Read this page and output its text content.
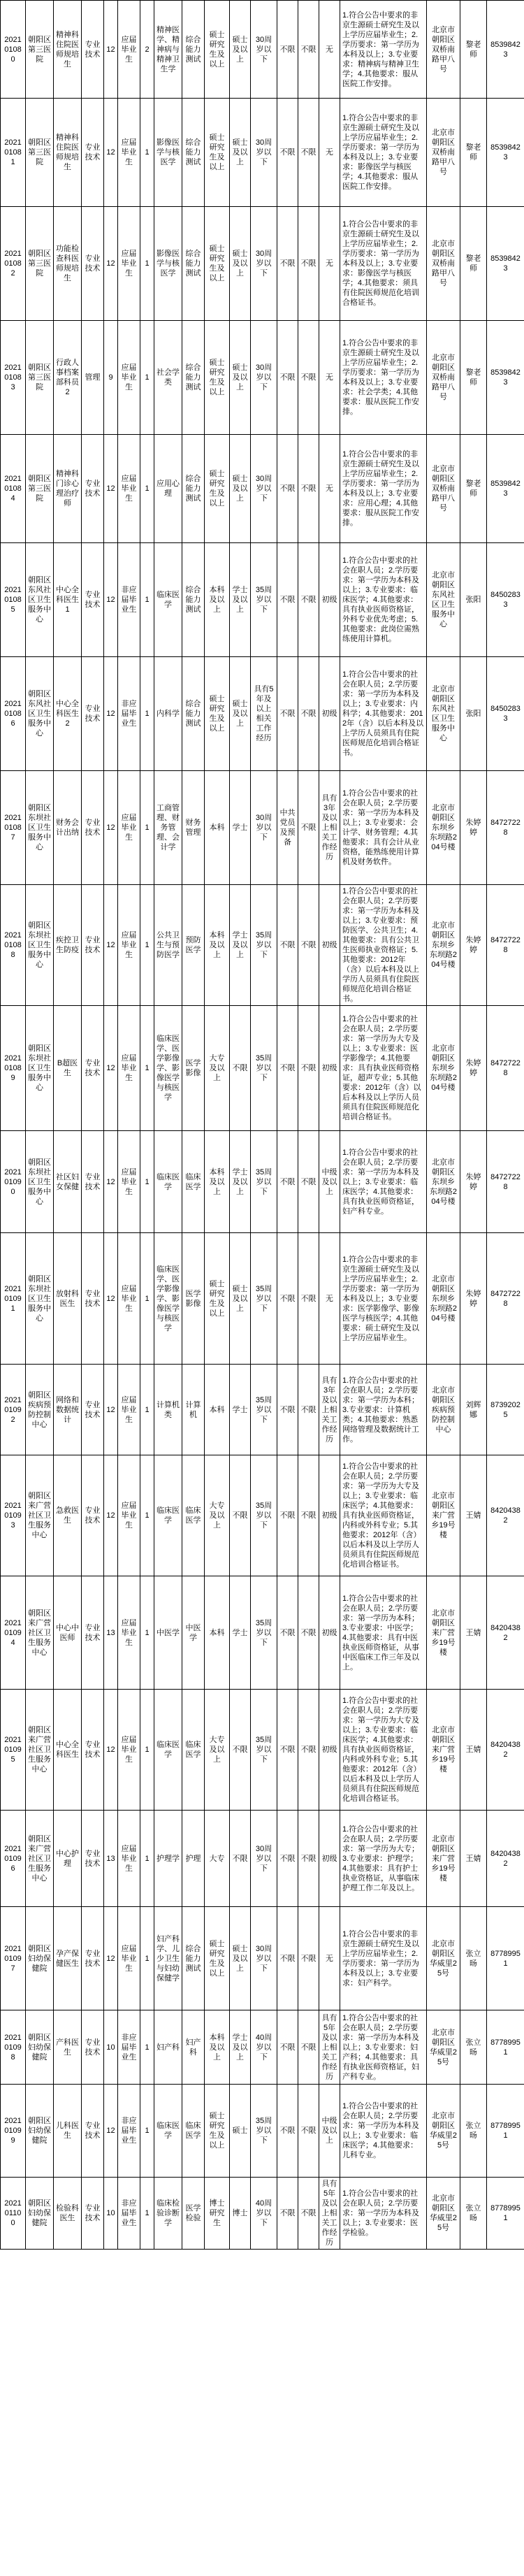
202101080	朝阳区第三医院	精神科住院医师规培生	专业技术	12	应届毕业生	2	精神医学、精神病与精神卫生学	综合能力测试	硕士研究生及以上	硕士及以上	30周岁以下	不限	不限	无	1.符合公告中要求的非京生源硕士研究生及以上学历应届毕业生；2.学历要求：第一学历为本科及以上；3.专业要求：精神病与精神卫生学；4.其他要求：服从医院工作安排。	北京市朝阳区双桥南路甲八号	黎老师	85398423
202101081	朝阳区第三医院	精神科住院医师规培生	专业技术	12	应届毕业生	1	影像医学与核医学	综合能力测试	硕士研究生及以上	硕士及以上	30周岁以下	不限	不限	无	1.符合公告中要求的非京生源硕士研究生及以上学历应届毕业生；2.学历要求：第一学历为本科及以上；3.专业要求：影像医学与核医学；4.其他要求：服从医院工作安排。	北京市朝阳区双桥南路甲八号	黎老师	85398423
202101082	朝阳区第三医院	功能检查科医师规培生	专业技术	12	应届毕业生	1	影像医学与核医学	综合能力测试	硕士研究生及以上	硕士及以上	30周岁以下	不限	不限	无	1.符合公告中要求的非京生源硕士研究生及以上学历应届毕业生；2.学历要求：第一学历为本科及以上；3.专业要求：影像医学与核医学；4.其他要求：须具有住院医师规范化培训合格证书。	北京市朝阳区双桥南路甲八号	黎老师	85398423
202101083	朝阳区第三医院	行政人事档案部科员2	管理	9	应届毕业生	1	社会学类	综合能力测试	硕士研究生及以上	硕士及以上	30周岁以下	不限	不限	无	1.符合公告中要求的非京生源硕士研究生及以上学历应届毕业生；2.学历要求：第一学历为本科及以上；3.专业要求：社会学类；4.其他要求：服从医院工作安排。	北京市朝阳区双桥南路甲八号	黎老师	85398423
202101084	朝阳区第三医院	精神科门诊心理治疗师	专业技术	12	应届毕业生	1	应用心理	综合能力测试	硕士研究生及以上	硕士及以上	30周岁以下	不限	不限	无	1.符合公告中要求的非京生源硕士研究生及以上学历应届毕业生；2.学历要求：第一学历为本科及以上；3.专业要求：应用心理；4.其他要求：服从医院工作安排。	北京市朝阳区双桥南路甲八号	黎老师	85398423
202101085	朝阳区东风社区卫生服务中心	中心全科医生1	专业技术	12	非应届毕业生	1	临床医学	综合能力测试	本科及以上	学士及以上	35周岁以下	不限	不限	初级	1.符合公告中要求的社会在职人员；2.学历要求：第一学历为本科及以上；3.专业要求：临床医学；4.其他要求：具有执业医师资格证，外科专业优先考虑；5.其他要求：此岗位需熟练使用计算机。	北京市朝阳区东风社区卫生服务中心	张阳	84502833
202101086	朝阳区东风社区卫生服务中心	中心全科医生2	专业技术	12	非应届毕业生	1	内科学	综合能力测试	硕士研究生及以上	硕士及以上	具有5年及以上相关工作经历	不限	不限	初级	1.符合公告中要求的社会在职人员；2.学历要求：第一学历为本科及以上；3.专业要求：内科学；4.其他要求：2012年（含）以后本科及以上学历人员须具有住院医师规范化培训合格证书。	北京市朝阳区东风社区卫生服务中心	张阳	84502833
202101087	朝阳区东坝社区卫生服务中心	财务会计出纳	专业技术	12	应届毕业生	1	工商管理、财务管理、会计学	财务管理	本科	学士	30周岁以下	中共党员及预备	不限	具有3年及以上相关工作经历	1.符合公告中要求的社会在职人员；2.学历要求：第一学历为本科及以上；3.专业要求：会计学、财务管理；4.其他要求：具有会计从业资格，能熟练使用计算机及财务软件。	北京市朝阳区东坝乡东坝路204号楼	朱婷婷	84727228
202101088	朝阳区东坝社区卫生服务中心	疾控卫生防疫	专业技术	12	应届毕业生	1	公共卫生与预防医学	预防医学	本科及以上	学士及以上	35周岁以下	不限	不限	初级	1.符合公告中要求的社会在职人员；2.学历要求：第一学历为本科及以上；3.专业要求：预防医学、公共卫生；4.其他要求：具有公共卫生医师执业资格证；5.其他要求：2012年（含）以后本科及以上学历人员须具有住院医师规范化培训合格证书。	北京市朝阳区东坝乡东坝路204号楼	朱婷婷	84727228
202101089	朝阳区东坝社区卫生服务中心	B超医生	专业技术	12	应届毕业生	1	临床医学、医学影像学、影像医学与核医学	医学影像	大专及以上	不限	35周岁以下	不限	不限	初级	1.符合公告中要求的社会在职人员；2.学历要求：第一学历为大专及以上；3.专业要求：医学影像学；4.其他要求：具有执业医师资格证，超声专业；5.其他要求：2012年（含）以后本科及以上学历人员须具有住院医师规范化培训合格证书。	北京市朝阳区东坝乡东坝路204号楼	朱婷婷	84727228
202101090	朝阳区东坝社区卫生服务中心	社区妇女保健	专业技术	12	应届毕业生	1	临床医学	临床医学	本科及以上	学士及以上	35周岁以下	不限	不限	中级及以上	1.符合公告中要求的社会在职人员；2.学历要求：第一学历为本科及以上；3.专业要求：临床医学；4.其他要求：具有执业医师资格证，妇产科专业。	北京市朝阳区东坝乡东坝路204号楼	朱婷婷	84727228
202101091	朝阳区东坝社区卫生服务中心	放射科医生	专业技术	12	应届毕业生	1	临床医学、医学影像学、影像医学与核医学	医学影像	硕士研究生及以上	硕士及以上	35周岁以下	不限	不限	无	1.符合公告中要求的非京生源硕士研究生及以上学历应届毕业生；2.学历要求：第一学历为本科及以上；3.专业要求：医学影像学、影像医学与核医学；4.其他要求：硕士研究生及以上学历应届毕业生。	北京市朝阳区东坝乡东坝路204号楼	朱婷婷	84727228
202101092	朝阳区疾病预防控制中心	网络和数据统计	专业技术	12	应届毕业生	1	计算机类	计算机	本科	学士	35周岁以下	不限	不限	具有3年及以上相关工作经历	1.符合公告中要求的社会在职人员；2.学历要求：第一学历为本科；3.专业要求：计算机类；4.其他要求：熟悉网络管理及数据统计工作。	北京市朝阳区疾病预防控制中心	刘辉娜	87392025
202101093	朝阳区来广营社区卫生服务中心	急救医生	专业技术	12	应届毕业生	1	临床医学	临床医学	大专及以上	不限	35周岁以下	不限	不限	初级	1.符合公告中要求的社会在职人员；2.学历要求：第一学历为大专及以上；3.专业要求：临床医学；4.其他要求：具有执业医师资格证，内科或外科专业；5.其他要求：2012年（含）以后本科及以上学历人员须具有住院医师规范化培训合格证书。	北京市朝阳区来广营乡19号楼	王婧	84204382
202101094	朝阳区来广营社区卫生服务中心	中心中医师	专业技术	13	应届毕业生	1	中医学	中医学	本科	学士	35周岁以下	不限	不限	初级	1.符合公告中要求的社会在职人员；2.学历要求：第一学历为本科；3.专业要求：中医学；4.其他要求：具有中医执业医师资格证，从事中医临床工作三年及以上。	北京市朝阳区来广营乡19号楼	王婧	84204382
202101095	朝阳区来广营社区卫生服务中心	中心全科医生	专业技术	12	应届毕业生	1	临床医学	临床医学	大专及以上	不限	35周岁以下	不限	不限	初级	1.符合公告中要求的社会在职人员；2.学历要求：第一学历为大专及以上；3.专业要求：临床医学；4.其他要求：具有执业医师资格证，内科或外科专业；5.其他要求：2012年（含）以后本科及以上学历人员须具有住院医师规范化培训合格证书。	北京市朝阳区来广营乡19号楼	王婧	84204382
202101096	朝阳区来广营社区卫生服务中心	中心护理	专业技术	13	应届毕业生	1	护理学	护理	大专	不限	30周岁以下	不限	不限	初级	1.符合公告中要求的社会在职人员；2.学历要求：第一学历为大专；3.专业要求：护理学；4.其他要求：具有护士执业资格证，从事临床护理工作二年及以上。	北京市朝阳区来广营乡19号楼	王婧	84204382
202101097	朝阳区妇幼保健院	孕产保健医生	专业技术	12	应届毕业生	1	妇产科学、儿少卫生与妇幼保健学	综合能力测试	硕士研究生及以上	硕士及以上	30周岁以下	不限	不限	无	1.符合公告中要求的非京生源硕士研究生及以上学历应届毕业生；2.学历要求：第一学历为本科及以上；3.专业要求：妇产科学。	北京市朝阳区华威里25号	张立旸	87789951
202101098	朝阳区妇幼保健院	产科医生	专业技术	10	非应届毕业生	1	妇产科	妇产科	本科及以上	学士及以上	40周岁以下	不限	不限	具有5年及以上相关工作经历	1.符合公告中要求的社会在职人员；2.学历要求：第一学历为本科及以上；3.专业要求：妇产科；4.其他要求：具有执业医师资格证，妇产科专业。	北京市朝阳区华威里25号	张立旸	87789951
202101099	朝阳区妇幼保健院	儿科医生	专业技术	12	非应届毕业生	1	临床医学	临床医学	硕士研究生及以上	硕士	35周岁以下	不限	不限	中级及以上	1.符合公告中要求的社会在职人员；2.学历要求：第一学历为本科及以上；3.专业要求：临床医学；4.其他要求：儿科专业。	北京市朝阳区华威里25号	张立旸	87789951
202101100	朝阳区妇幼保健院	检验科医生	专业技术	10	非应届毕业生	1	临床检验诊断学	医学检验	博士研究生	博士	40周岁以下	不限	不限	具有5年及以上相关工作经历	1.符合公告中要求的社会在职人员；2.学历要求：第一学历为本科及以上；3.专业要求：医学检验。	北京市朝阳区华威里25号	张立旸	87789951
